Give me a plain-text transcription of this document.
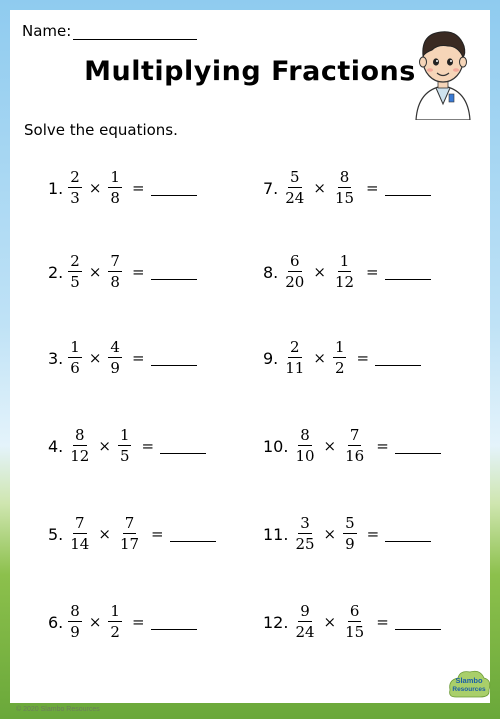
Name:
Multiplying Fractions
Solve the equations.
1. $\frac{2}{3} \times \frac{1}{8}$ =
2. $\frac{2}{5} \times \frac{7}{8}$ =
3. $\frac{1}{6} \times \frac{4}{9}$ =
4. $\frac{8}{12} \times \frac{1}{5}$ =
5. $\frac{7}{14} \times \frac{7}{17}$ =
6. $\frac{8}{9} \times \frac{1}{2}$ =
7. $\frac{5}{24} \times \frac{8}{15}$ =
8. $\frac{6}{20} \times \frac{1}{12}$ =
9. $\frac{2}{11} \times \frac{1}{2}$ =
10. $\frac{8}{10} \times \frac{7}{16}$ =
11. $\frac{3}{25} \times \frac{5}{9}$ =
12. $\frac{9}{24} \times \frac{6}{15}$ =
Slambo
Resources
© 2020 Slambo Resources
